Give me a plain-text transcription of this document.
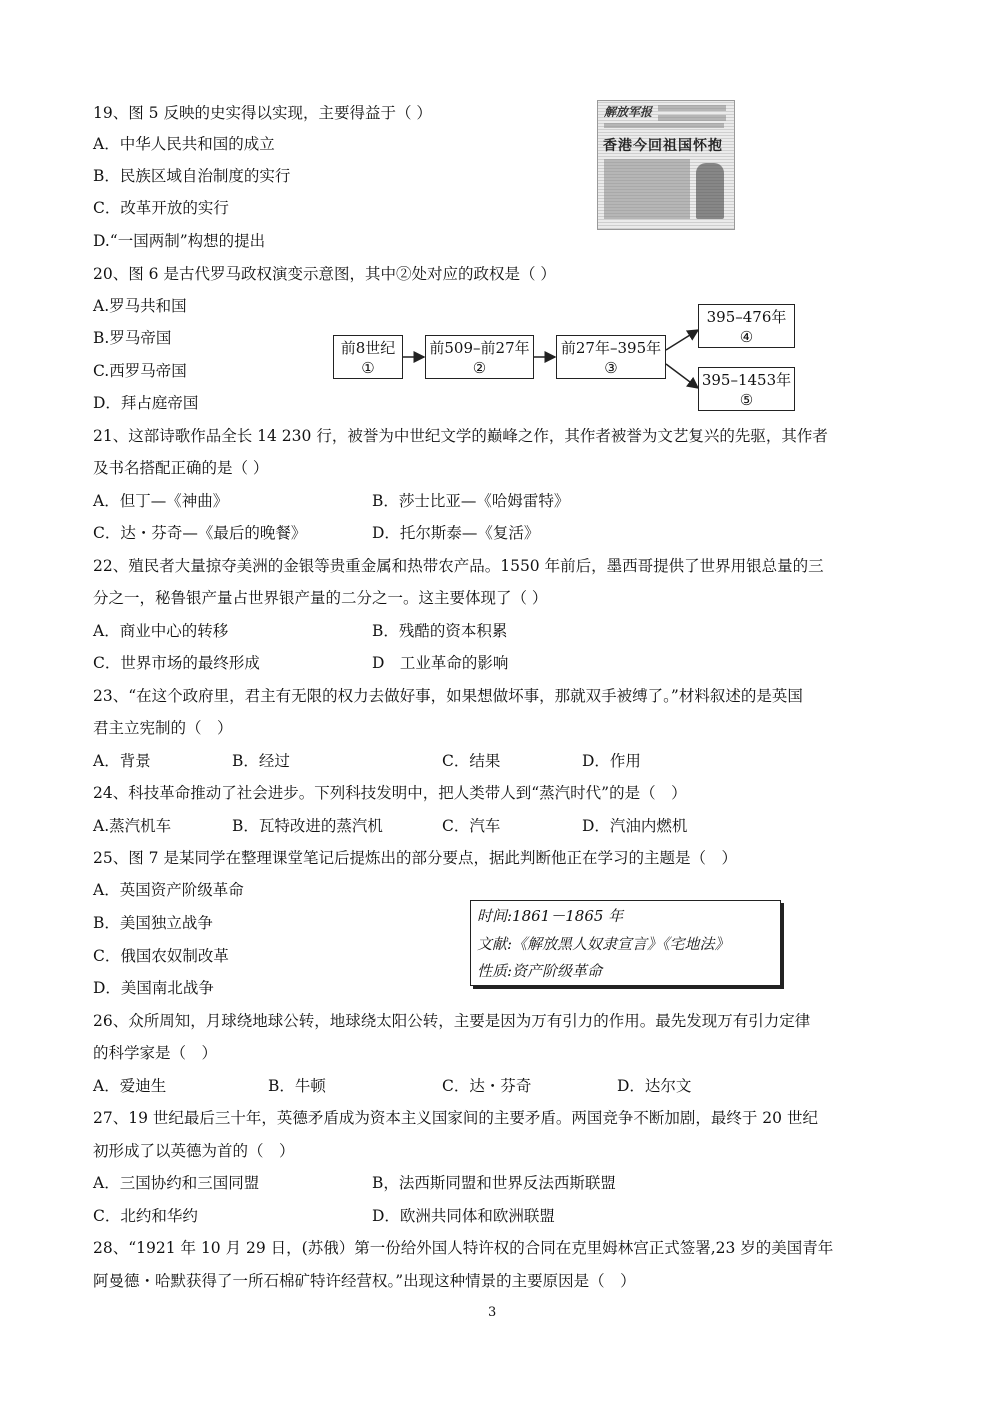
19、图 5 反映的史实得以实现，主要得益于（ ）
A．中华人民共和国的成立
B．民族区域自治制度的实行
C．改革开放的实行
D.“一国两制”构想的提出
解放军报
香港今回祖国怀抱
20、图 6 是古代罗马政权演变示意图，其中②处对应的政权是（ ）
A.罗马共和国
B.罗马帝国
C.西罗马帝国
D．拜占庭帝国
前8世纪
①
前509–前27年
②
前27年–395年
③
395–476年
④
395–1453年
⑤
21、这部诗歌作品全长 14 230 行，被誉为中世纪文学的巅峰之作，其作者被誉为文艺复兴的先驱，其作者
及书名搭配正确的是（ ）
A．但丁—《神曲》	B．莎士比亚—《哈姆雷特》
C．达・芬奇—《最后的晚餐》	D．托尔斯泰—《复活》
22、殖民者大量掠夺美洲的金银等贵重金属和热带农产品。1550 年前后，墨西哥提供了世界用银总量的三
分之一，秘鲁银产量占世界银产量的二分之一。这主要体现了（ ）
A．商业中心的转移	B．残酷的资本积累
C．世界市场的最终形成	D　工业革命的影响
23、“在这个政府里，君主有无限的权力去做好事，如果想做坏事，那就双手被缚了。”材料叙述的是英国
君主立宪制的（　）
A．背景	B．经过	C．结果	D．作用
24、科技革命推动了社会进步。下列科技发明中，把人类带人到“蒸汽时代”的是（　）
A.蒸汽机车	B．瓦特改进的蒸汽机	C．汽车	D．汽油内燃机
25、图 7 是某同学在整理课堂笔记后提炼出的部分要点，据此判断他正在学习的主题是（　）
A．英国资产阶级革命
B．美国独立战争
C．俄国农奴制改革
D．美国南北战争
时间:1861－1865 年
文献:《解放黑人奴隶宣言》《宅地法》
性质:资产阶级革命
26、众所周知，月球绕地球公转，地球绕太阳公转，主要是因为万有引力的作用。最先发现万有引力定律
的科学家是（　）
A．爱迪生	B．牛顿	C．达・芬奇	D．达尔文
27、19 世纪最后三十年，英德矛盾成为资本主义国家间的主要矛盾。两国竞争不断加剧，最终于 20 世纪
初形成了以英德为首的（　）
A．三国协约和三国同盟	B，法西斯同盟和世界反法西斯联盟
C．北约和华约	D．欧洲共同体和欧洲联盟
28、“1921 年 10 月 29 日，(苏俄）第一份给外国人特许权的合同在克里姆林宫正式签署,23 岁的美国青年
阿曼德・哈默获得了一所石棉矿特许经营权。”出现这种情景的主要原因是（　）
3
